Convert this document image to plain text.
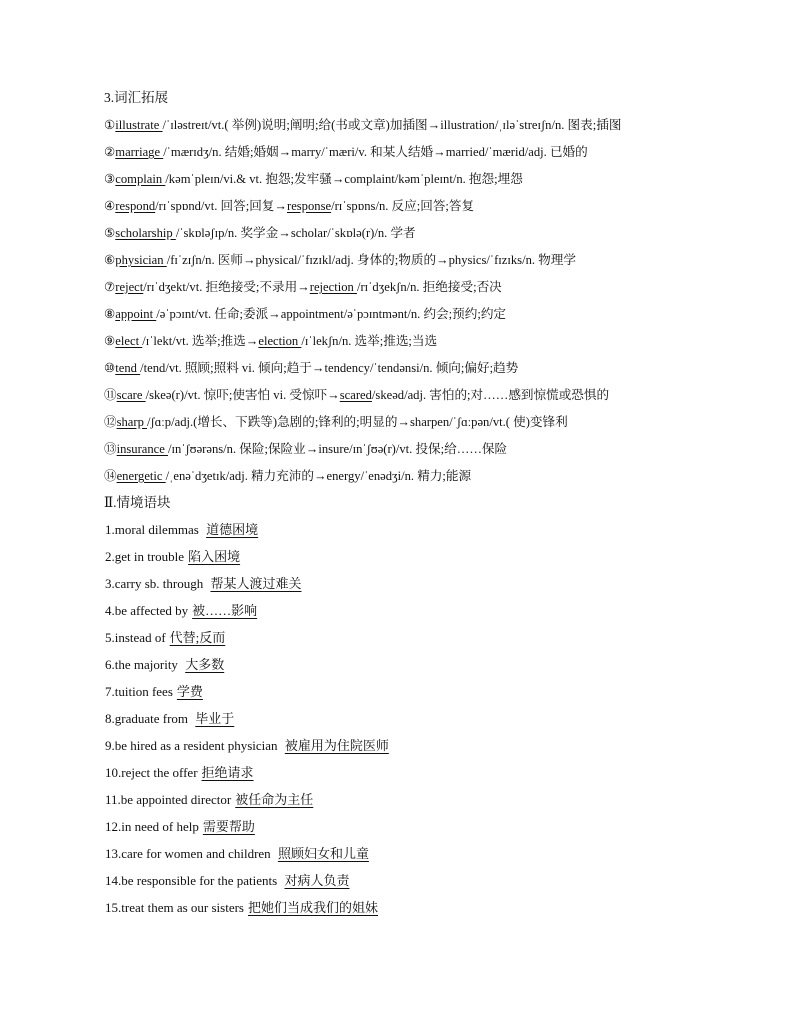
3.词汇拓展
①illustrate /ˈɪləstreɪt/vt.( 举例)说明;阐明;给(书或文章)加插图→illustration/ˌɪləˈstreɪʃn/n. 图表;插图
②marriage /ˈmærɪdʒ/n. 结婚;婚姻→marry/ˈmæri/v. 和某人结婚→married/ˈmærid/adj. 已婚的
③complain /kəmˈpleɪn/vi.& vt. 抱怨;发牢骚→complaint/kəmˈpleɪnt/n. 抱怨;埋怨
④respond/rɪˈspɒnd/vt. 回答;回复→response/rɪˈspɒns/n. 反应;回答;答复
⑤scholarship /ˈskɒləʃɪp/n. 奖学金→scholar/ˈskɒlə(r)/n. 学者
⑥physician /fɪˈzɪʃn/n. 医师→physical/ˈfɪzɪkl/adj. 身体的;物质的→physics/ˈfɪzɪks/n. 物理学
⑦reject/rɪˈdʒekt/vt. 拒绝接受;不录用→rejection /rɪˈdʒekʃn/n. 拒绝接受;否决
⑧appoint /əˈpɔɪnt/vt. 任命;委派→appointment/əˈpɔɪntmənt/n. 约会;预约;约定
⑨elect /ɪˈlekt/vt. 选举;推选→election /ɪˈlekʃn/n. 选举;推选;当选
⑩tend /tend/vt. 照顾;照料 vi. 倾向;趋于→tendency/ˈtendənsi/n. 倾向;偏好;趋势
⑪scare /skeə(r)/vt. 惊吓;使害怕 vi. 受惊吓→scared/skeəd/adj. 害怕的;对……感到惊慌或恐惧的
⑫sharp /ʃɑːp/adj.(增长、下跌等)急剧的;锋利的;明显的→sharpen/ˈʃɑːpən/vt.( 使)变锋利
⑬insurance /ɪnˈʃʊərəns/n. 保险;保险业→insure/ɪnˈʃʊə(r)/vt. 投保;给……保险
⑭energetic /ˌenəˈdʒetɪk/adj. 精力充沛的→energy/ˈenədʒi/n. 精力;能源
Ⅱ.情境语块
1.moral dilemmas 道德困境
2.get in trouble 陷入困境
3.carry sb. through 帮某人渡过难关
4.be affected by 被……影响
5.instead of 代替;反而
6.the majority 大多数
7.tuition fees 学费
8.graduate from 毕业于
9.be hired as a resident physician 被雇用为住院医师
10.reject the offer 拒绝请求
11.be appointed director 被任命为主任
12.in need of help 需要帮助
13.care for women and children 照顾妇女和儿童
14.be responsible for the patients 对病人负责
15.treat them as our sisters 把她们当成我们的姐妹
